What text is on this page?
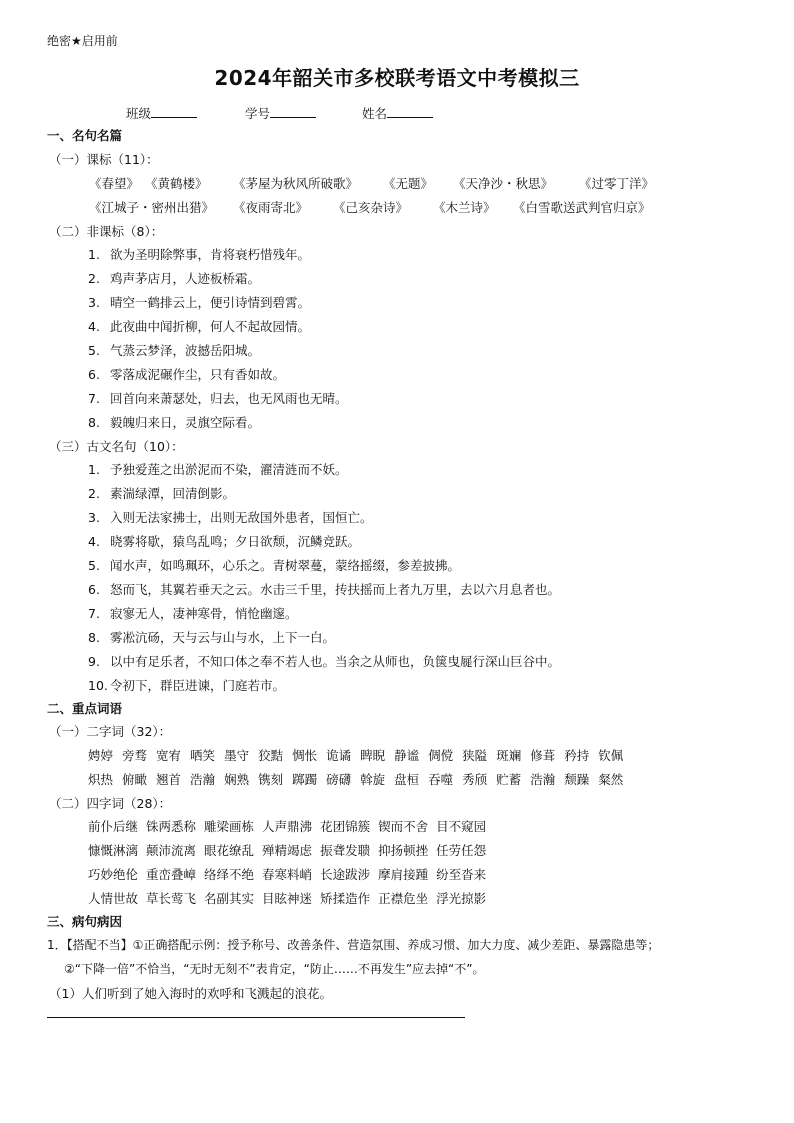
绝密★启用前
2024年韶关市多校联考语文中考模拟三
班级	学号	姓名
一、名句名篇
（一）课标（11）：
《春望》 《黄鹤楼》 《茅屋为秋风所破歌》 《无题》 《天净沙・秋思》 《过零丁洋》
《江城子・密州出猎》 《夜雨寄北》 《己亥杂诗》 《木兰诗》 《白雪歌送武判官归京》
（二）非课标（8）：
1. 欲为圣明除弊事，肯将衰朽惜残年。
2. 鸡声茅店月，人迹板桥霜。
3. 晴空一鹤排云上，便引诗情到碧霄。
4. 此夜曲中闻折柳，何人不起故园情。
5. 气蒸云梦泽，波撼岳阳城。
6. 零落成泥碾作尘，只有香如故。
7. 回首向来萧瑟处，归去，也无风雨也无晴。
8. 毅魄归来日，灵旗空际看。
（三）古文名句（10）：
1. 予独爱莲之出淤泥而不染，濯清涟而不妖。
2. 素湍绿潭，回清倒影。
3. 入则无法家拂士，出则无敌国外患者，国恒亡。
4. 晓雾将歇，猿鸟乱鸣；夕日欲颓，沉鳞竞跃。
5. 闻水声，如鸣珮环，心乐之。青树翠蔓，蒙络摇缀，参差披拂。
6. 怒而飞，其翼若垂天之云。水击三千里，抟扶摇而上者九万里，去以六月息者也。
7. 寂寥无人，凄神寒骨，悄怆幽邃。
8. 雾凇沆砀，天与云与山与水，上下一白。
9. 以中有足乐者，不知口体之奉不若人也。当余之从师也，负箧曳屣行深山巨谷中。
10. 令初下，群臣进谏，门庭若市。
二、重点词语
（一）二字词（32）：
娉婷 旁骛 宽宥 哂笑 墨守 狡黠 惆怅 诡谲 睥睨 静谧 倜傥 狭隘 斑斓 修葺 矜持 钦佩
炽热 俯瞰 翘首 浩瀚 娴熟 镌刻 踯躅 磅礴 斡旋 盘桓 吞噬 秀颀 贮蓄 浩瀚 颓躁 粲然
（二）四字词（28）：
前仆后继 铢两悉称 雕梁画栋 人声鼎沸 花团锦簇 锲而不舍 目不窥园
慷慨淋漓 颠沛流离 眼花缭乱 殚精竭虑 振聋发聩 抑扬顿挫 任劳任怨
巧妙绝伦 重峦叠嶂 络绎不绝 春寒料峭 长途跋涉 摩肩接踵 纷至沓来
人情世故 草长莺飞 名副其实 目眩神迷 矫揉造作 正襟危坐 浮光掠影
三、病句病因
1．【搭配不当】①正确搭配示例：授予称号、改善条件、营造氛围、养成习惯、加大力度、减少差距、暴露隐患等；
②“下降一倍”不恰当，“无时无刻不”表肯定，“防止……不再发生”应去掉“不”。
（1）人们听到了她入海时的欢呼和飞溅起的浪花。
